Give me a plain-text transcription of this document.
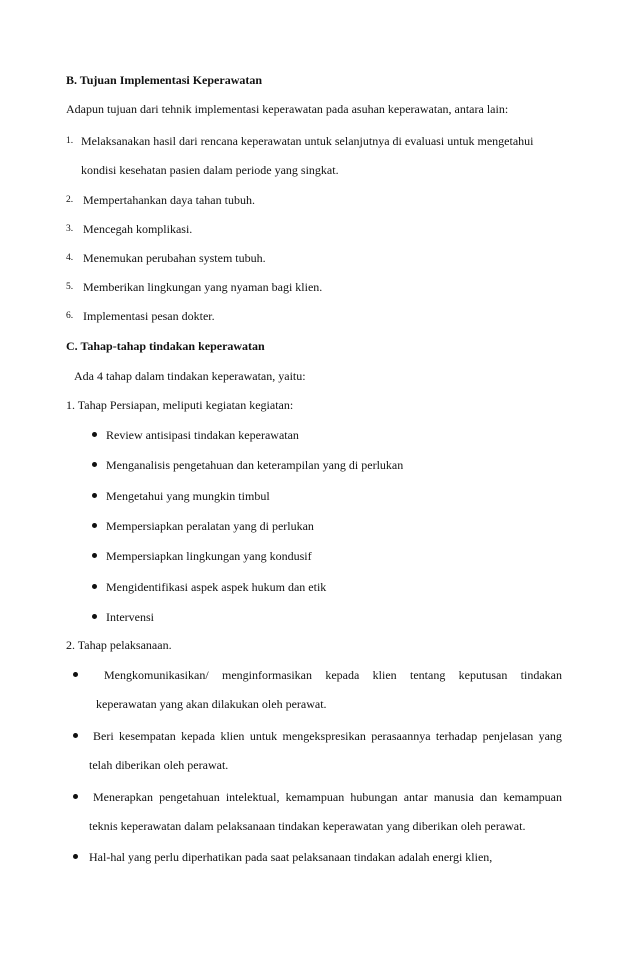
B. Tujuan Implementasi Keperawatan
Adapun tujuan dari tehnik implementasi keperawatan pada asuhan keperawatan, antara lain:
1. Melaksanakan hasil dari rencana keperawatan untuk selanjutnya di evaluasi untuk mengetahui
kondisi kesehatan pasien dalam periode yang singkat.
2. Mempertahankan daya tahan tubuh.
3. Mencegah komplikasi.
4. Menemukan perubahan system tubuh.
5. Memberikan lingkungan yang nyaman bagi klien.
6. Implementasi pesan dokter.
C. Tahap-tahap tindakan keperawatan
Ada 4 tahap dalam tindakan keperawatan, yaitu:
1. Tahap Persiapan, meliputi kegiatan kegiatan:
Review antisipasi tindakan keperawatan
Menganalisis pengetahuan dan keterampilan yang di perlukan
Mengetahui yang mungkin timbul
Mempersiapkan peralatan yang di perlukan
Mempersiapkan lingkungan yang kondusif
Mengidentifikasi aspek aspek hukum dan etik
Intervensi
2. Tahap pelaksanaan.
Mengkomunikasikan/ menginformasikan kepada klien tentang keputusan tindakan
keperawatan yang akan dilakukan oleh perawat.
Beri kesempatan kepada klien untuk mengekspresikan perasaannya terhadap penjelasan yang
telah diberikan oleh perawat.
Menerapkan pengetahuan intelektual, kemampuan hubungan antar manusia dan kemampuan
teknis keperawatan dalam pelaksanaan tindakan keperawatan yang diberikan oleh perawat.
Hal-hal yang perlu diperhatikan pada saat pelaksanaan tindakan adalah energi klien,
